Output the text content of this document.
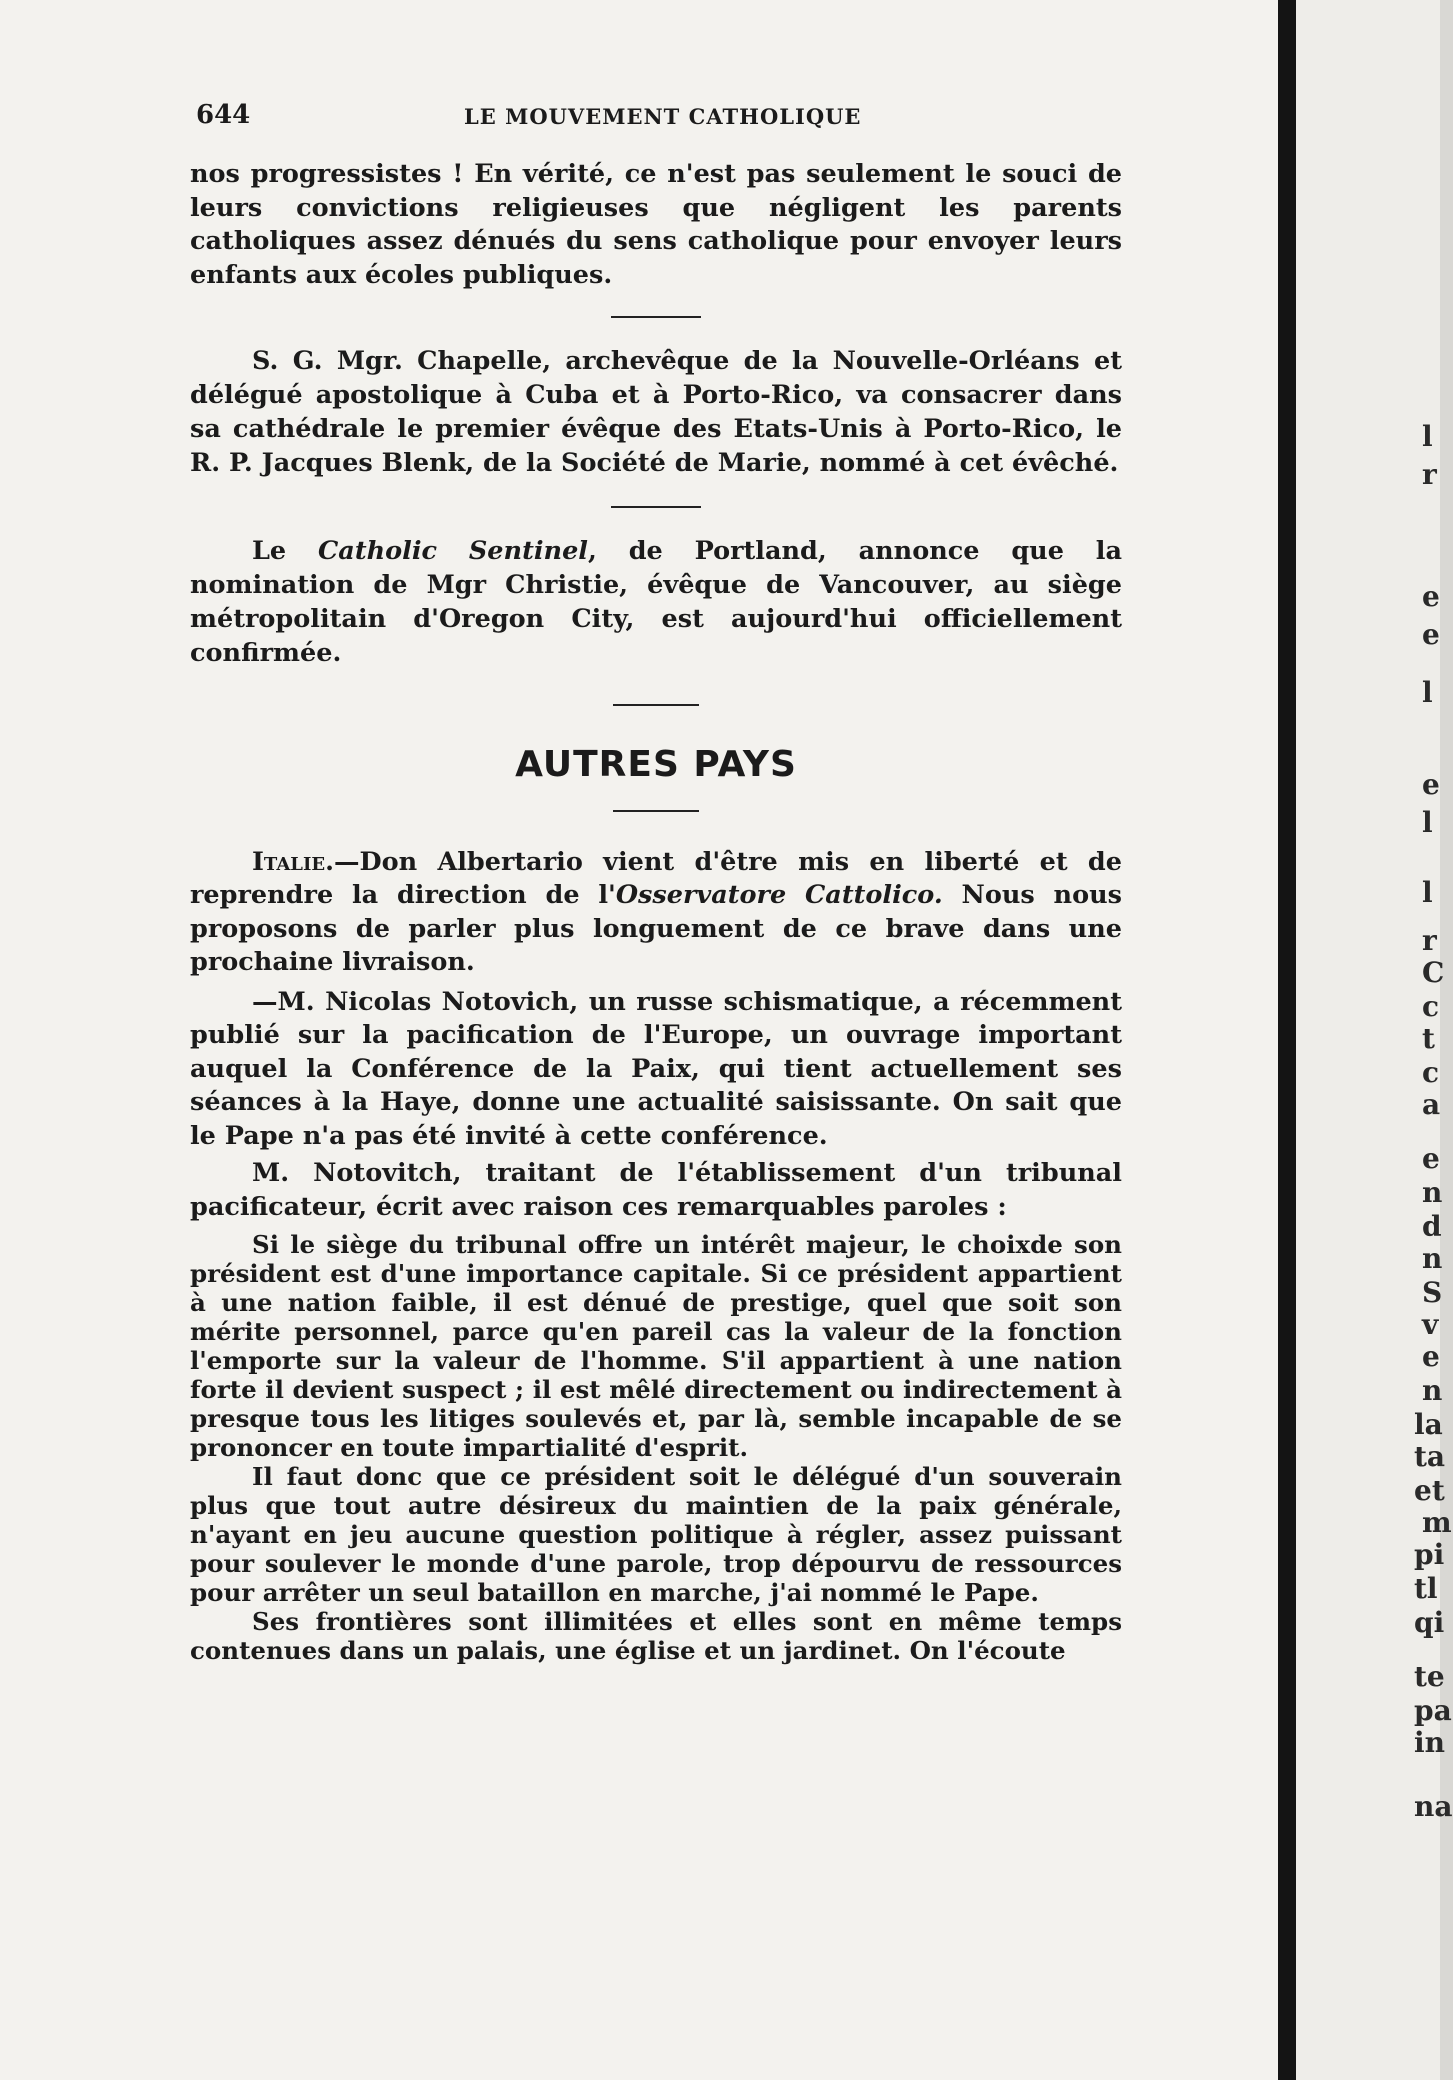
644	LE MOUVEMENT CATHOLIQUE

nos progressistes ! En vérité, ce n'est pas seulement le souci de leurs convictions religieuses que négligent les parents catholiques assez dénués du sens catholique pour envoyer leurs enfants aux écoles publiques.

S. G. Mgr. Chapelle, archevêque de la Nouvelle-Orléans et délégué apostolique à Cuba et à Porto-Rico, va consacrer dans sa cathédrale le premier évêque des Etats-Unis à Porto-Rico, le R. P. Jacques Blenk, de la Société de Marie, nommé à cet évêché.

Le Catholic Sentinel, de Portland, annonce que la nomination de Mgr Christie, évêque de Vancouver, au siège métropolitain d'Oregon City, est aujourd'hui officiellement confirmée.

AUTRES PAYS

Italie.—Don Albertario vient d'être mis en liberté et de reprendre la direction de l'Osservatore Cattolico. Nous nous proposons de parler plus longuement de ce brave dans une prochaine livraison.

—M. Nicolas Notovich, un russe schismatique, a récemment publié sur la pacification de l'Europe, un ouvrage important auquel la Conférence de la Paix, qui tient actuellement ses séances à la Haye, donne une actualité saisissante. On sait que le Pape n'a pas été invité à cette conférence.

M. Notovitch, traitant de l'établissement d'un tribunal pacificateur, écrit avec raison ces remarquables paroles :

Si le siège du tribunal offre un intérêt majeur, le choixde son président est d'une importance capitale. Si ce président appartient à une nation faible, il est dénué de prestige, quel que soit son mérite personnel, parce qu'en pareil cas la valeur de la fonction l'emporte sur la valeur de l'homme. S'il appartient à une nation forte il devient suspect ; il est mêlé directement ou indirectement à presque tous les litiges soulevés et, par là, semble incapable de se prononcer en toute impartialité d'esprit.

Il faut donc que ce président soit le délégué d'un souverain plus que tout autre désireux du maintien de la paix générale, n'ayant en jeu aucune question politique à régler, assez puissant pour soulever le monde d'une parole, trop dépourvu de ressources pour arrêter un seul bataillon en marche, j'ai nommé le Pape.

Ses frontières sont illimitées et elles sont en même temps contenues dans un palais, une église et un jardinet. On l'écoute

l
r
e
e
l
e
l
l
r
C
c
t
c
a
e
n
d
n
S
v
e
n
la
ta
et
m
pi
tl
qi
te
pa
in
na
